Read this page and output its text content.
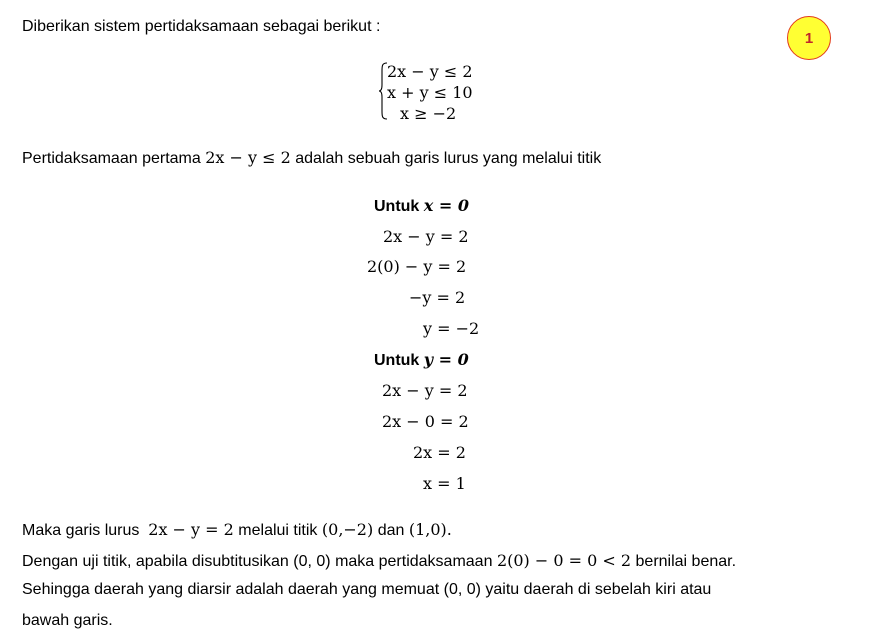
1
Diberikan sistem pertidaksamaan sebagai berikut :
2x − y ≤ 2
x + y ≤ 10
x ≥ −2
Pertidaksamaan pertama 2x − y ≤ 2 adalah sebuah garis lurus yang melalui titik
Untuk x = 0
2x − y = 2
2(0) − y = 2
−y = 2
y = −2
Untuk y = 0
2x − y = 2
2x − 0 = 2
2x = 2
x = 1
Maka garis lurus 2x − y = 2 melalui titik (0,−2) dan (1,0).
Dengan uji titik, apabila disubtitusikan (0, 0) maka pertidaksamaan 2(0) − 0 = 0 < 2 bernilai benar.
Sehingga daerah yang diarsir adalah daerah yang memuat (0, 0) yaitu daerah di sebelah kiri atau
bawah garis.
